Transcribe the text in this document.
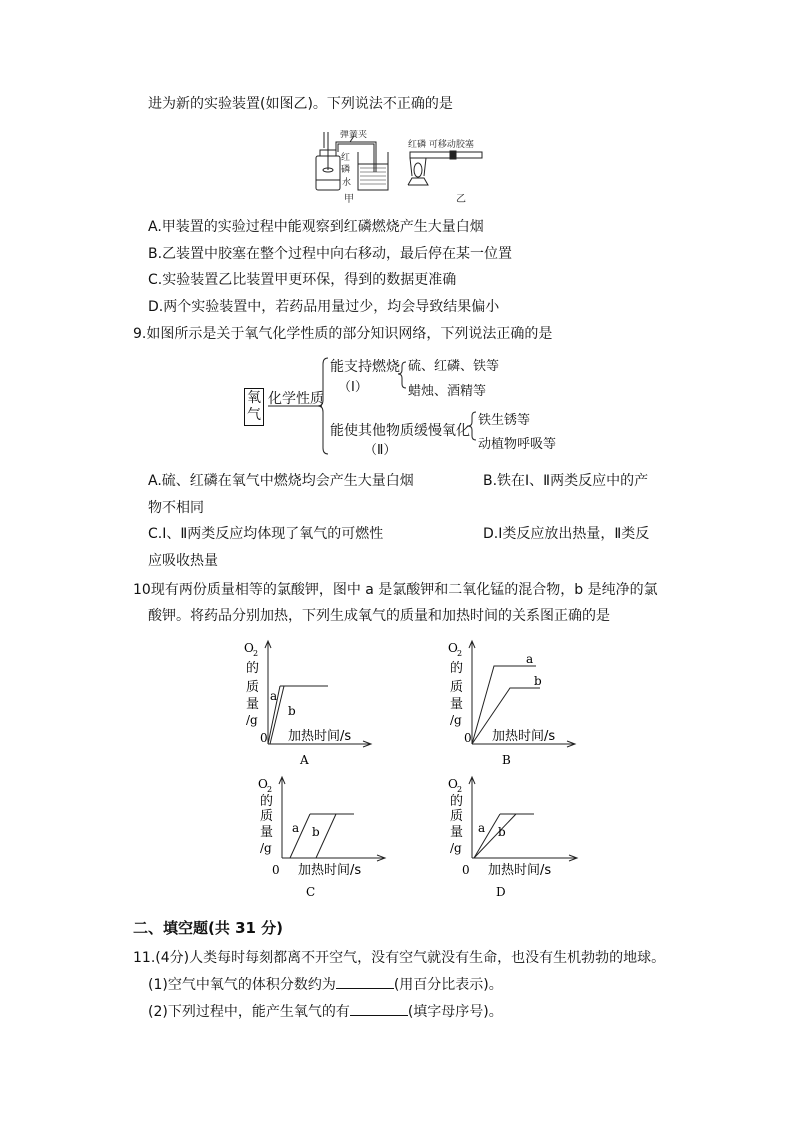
进为新的实验装置(如图乙)。下列说法不正确的是
弹簧夹
红
磷
水
甲
红磷 可移动胶塞
乙
A.甲装置的实验过程中能观察到红磷燃烧产生大量白烟
B.乙装置中胶塞在整个过程中向右移动，最后停在某一位置
C.实验装置乙比装置甲更环保，得到的数据更准确
D.两个实验装置中，若药品用量过少，均会导致结果偏小
9.如图所示是关于氧气化学性质的部分知识网络，下列说法正确的是
氧
气
化学性质
能支持燃烧
（Ⅰ）
硫、红磷、铁等
蜡烛、酒精等
能使其他物质缓慢氧化
（Ⅱ）
铁生锈等
动植物呼吸等
A.硫、红磷在氧气中燃烧均会产生大量白烟	B.铁在Ⅰ、Ⅱ两类反应中的产
物不相同
C.Ⅰ、Ⅱ两类反应均体现了氧气的可燃性	D.Ⅰ类反应放出热量，Ⅱ类反
应吸收热量
10现有两份质量相等的氯酸钾，图中 a 是氯酸钾和二氧化锰的混合物，b 是纯净的氯
酸钾。将药品分别加热，下列生成氧气的质量和加热时间的关系图正确的是
O 2
的
质
量
/g
0
a
b
加热时间/s
A
O 2
的
质
量
/g
0
a
b
加热时间/s
B
O 2
的
质
量
/g
0
a b
加热时间/s
C
O 2
的
质
量
/g
0
a b
加热时间/s
D
二、填空题(共 31 分)
11.(4分)人类每时每刻都离不开空气，没有空气就没有生命，也没有生机勃勃的地球。
(1)空气中氧气的体积分数约为	(用百分比表示)。
(2)下列过程中，能产生氧气的有	(填字母序号)。
